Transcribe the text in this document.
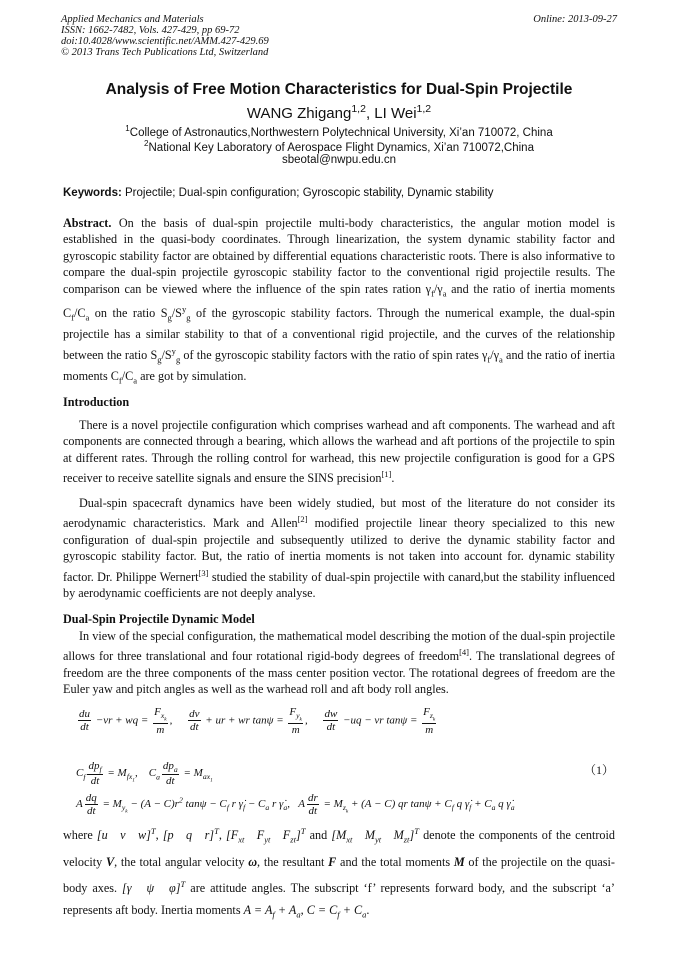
Applied Mechanics and Materials
ISSN: 1662-7482, Vols. 427-429, pp 69-72
doi:10.4028/www.scientific.net/AMM.427-429.69
© 2013 Trans Tech Publications Ltd, Switzerland
Online: 2013-09-27
Analysis of Free Motion Characteristics for Dual-Spin Projectile
WANG Zhigang$^{1,2}$, LI Wei$^{1,2}$
$^1$College of Astronautics,Northwestern Polytechnical University, Xi’an 710072, China
$^2$National Key Laboratory of Aerospace Flight Dynamics, Xi’an 710072,China
sbeotal@nwpu.edu.cn
Keywords: Projectile; Dual-spin configuration; Gyroscopic stability, Dynamic stability
Abstract. On the basis of dual-spin projectile multi-body characteristics, the angular motion model is established in the quasi-body coordinates. Through linearization, the system dynamic stability factor and gyroscopic stability factor are obtained by differential equations characteristic roots. There is also informative to compare the dual-spin projectile gyroscopic stability factor to the conventional rigid projectile results. The comparison can be viewed where the influence of the spin rates ration $\gamma_f/\gamma_a$ and the ratio of inertia moments $C_f/C_a$ on the ratio $S_g/S^y_g$ of the gyroscopic stability factors. Through the numerical example, the dual-spin projectile has a similar stability to that of a conventional rigid projectile, and the curves of the relationship between the ratio $S_g/S^y_g$ of the gyroscopic stability factors with the ratio of spin rates $\gamma_f/\gamma_a$ and the ratio of inertia moments $C_f/C_a$ are got by simulation.
Introduction
There is a novel projectile configuration which comprises warhead and aft components. The warhead and aft components are connected through a bearing, which allows the warhead and aft portions of the projectile to spin at different rates. Through the rolling control for warhead, this new projectile configuration is good for a GPS receiver to receive satellite signals and ensure the SINS precision[1].
Dual-spin spacecraft dynamics have been widely studied, but most of the literature do not consider its aerodynamic characteristics. Mark and Allen[2] modified projectile linear theory specialized to this new configuration of dual-spin projectile and subsequently utilized to derive the dynamic stability factor and gyroscopic stability factor. But, the ratio of inertia moments is not taken into account for. dynamic stability factor. Dr. Philippe Wernert[3] studied the stability of dual-spin projectile with canard,but the stability influenced by aerodynamic coefficients are not deeply analyse.
Dual-Spin Projectile Dynamic Model
In view of the special configuration, the mathematical model describing the motion of the dual-spin projectile allows for three translational and four rotational rigid-body degrees of freedom[4]. The translational degrees of freedom are the three components of the mass center position vector. The rotational degrees of freedom are the Euler yaw and pitch angles as well as the warhead roll and aft body roll angles.
$\frac{du}{dt} -vr$ + wq = $\frac{F_{x_k}}{m}$ , $\frac{dv}{dt}$ + ur + wr $\tan\psi = \frac{F_{y_k}}{m}$ , $\frac{dw}{dt} -uq$ − vr $\tan\psi = \frac{F_{z_k}}{m}$
$C_f \frac{dp_f}{dt} = M_{fx_1}$,    $C_a \frac{dp_a}{dt} = M_{ax_1}$
（1）
A $\frac{dq}{dt} = M_{y_k} - (A - C)r^2$ $\tan\psi - C_f$ r $\gammȧ_f - C_a$ r $\gammȧ_a$,   A $\frac{dr}{dt} = M_{z_k} + (A - C)$ qr $\tan\psi + C_f$ q $\gammȧ_f + C_a$ q $\gammȧ_a$
where [u   v   w]$^T$, [p   q   r]$^T$, [$F_{xt}$   $F_{yt}$   $F_{zt}]^T$ and [$M_{xt}$   $M_{yt}$   $M_{zt}]^T$ denote the components of the centroid velocity V, the total angular velocity ω, the resultant F and the total moments M of the projectile on the quasi-body axes. [γ   ψ   φ]$^T$ are attitude angles. The subscript ‘f’ represents forward body, and the subscript ‘a’ represents aft body. Inertia moments $A = A_f + A_a$, $C = C_f + C_a$.
